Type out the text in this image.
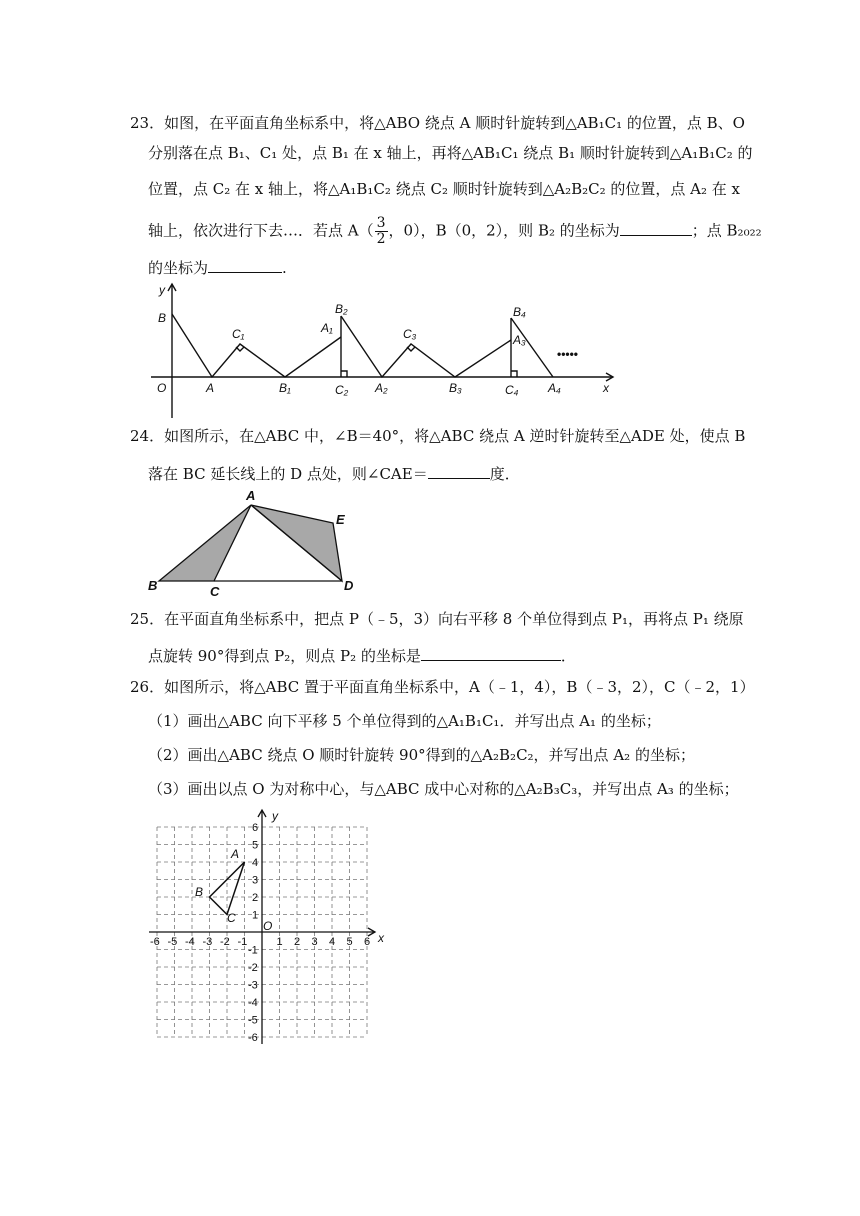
23．如图，在平面直角坐标系中，将△ABO 绕点 A 顺时针旋转到△AB₁C₁ 的位置，点 B、O
分别落在点 B₁、C₁ 处，点 B₁ 在 x 轴上，再将△AB₁C₁ 绕点 B₁ 顺时针旋转到△A₁B₁C₂ 的
位置，点 C₂ 在 x 轴上，将△A₁B₁C₂ 绕点 C₂ 顺时针旋转到△A₂B₂C₂ 的位置，点 A₂ 在 x
轴上，依次进行下去…．若点 $A( \frac{3}{2}$ ，0），B（0，2），则 B₂ 的坐标为	；点 B₂₀₂₂
的坐标为	.
y
B
C₁	A₁
B₂
C₃
B₄
A₃
O	A	B₁	C₂ A₂	B₃	C₄ A₄	x
•••••
24．如图所示，在△ABC 中，∠B＝40°，将△ABC 绕点 A 逆时针旋转至△ADE 处，使点 B
落在 BC 延长线上的 D 点处，则∠CAE＝	度．
A
E
B	C	D
25．在平面直角坐标系中，把点 P（﹣5，3）向右平移 8 个单位得到点 P₁，再将点 P₁ 绕原
点旋转 90°得到点 P₂，则点 P₂ 的坐标是	．
26．如图所示，将△ABC 置于平面直角坐标系中，A（﹣1，4），B（﹣3，2），C（﹣2，1）
（1）画出△ABC 向下平移 5 个单位得到的△A₁B₁C₁．并写出点 A₁ 的坐标；
（2）画出△ABC 绕点 O 顺时针旋转 90°得到的△A₂B₂C₂，并写出点 A₂ 的坐标；
（3）画出以点 O 为对称中心，与△ABC 成中心对称的△A₂B₃C₃，并写出点 A₃ 的坐标；
-6 -5 -4 -3 -2 -1	1 2 3 4 5 6
6
5
4
3
2
1
-1
-2
-3
-4
-5
-6
y
x
O
A
B
C
